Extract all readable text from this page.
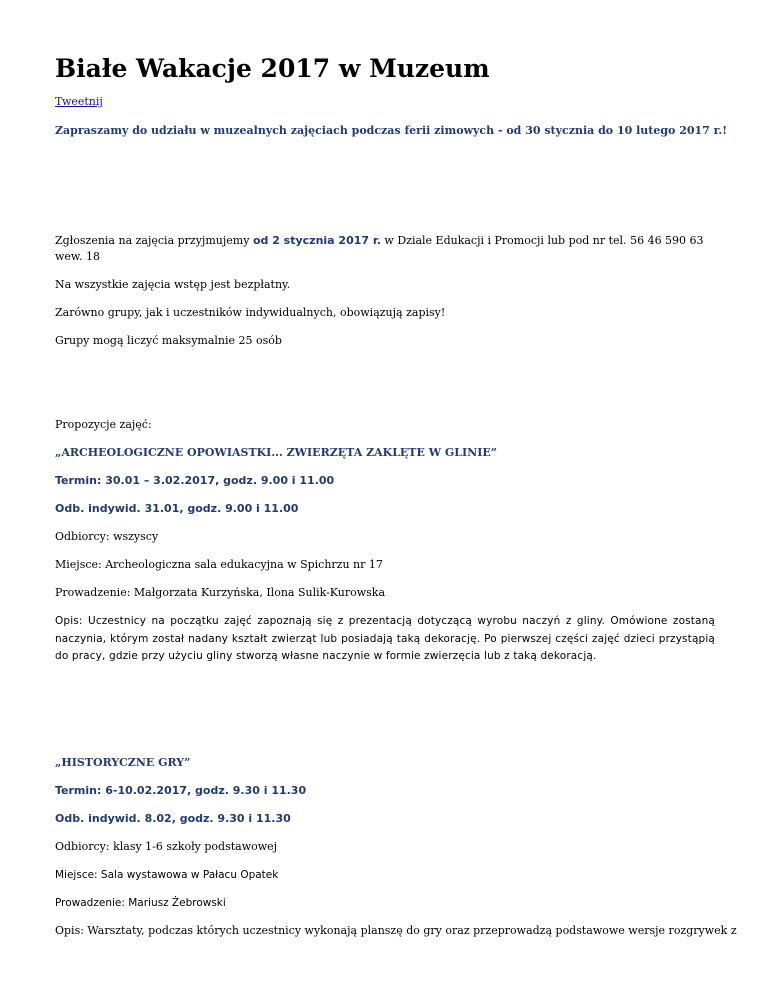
Białe Wakacje 2017 w Muzeum
Tweetnij

Zapraszamy do udziału w muzealnych zajęciach podczas ferii zimowych - od 30 stycznia do 10 lutego 2017 r.!

Zgłoszenia na zajęcia przyjmujemy od 2 stycznia 2017 r. w Dziale Edukacji i Promocji lub pod nr tel. 56 46 590 63 wew. 18

Na wszystkie zajęcia wstęp jest bezpłatny.

Zarówno grupy, jak i uczestników indywidualnych, obowiązują zapisy!

Grupy mogą liczyć maksymalnie 25 osób

Propozycje zajęć:

„ARCHEOLOGICZNE OPOWIASTKI... ZWIERZĘTA ZAKLĘTE W GLINIE”

Termin: 30.01 – 3.02.2017, godz. 9.00 i 11.00

Odb. indywid. 31.01, godz. 9.00 i 11.00

Odbiorcy: wszyscy

Miejsce: Archeologiczna sala edukacyjna w Spichrzu nr 17

Prowadzenie: Małgorzata Kurzyńska, Ilona Sulik-Kurowska

Opis: Uczestnicy na początku zajęć zapoznają się z prezentacją dotyczącą wyrobu naczyń z gliny. Omówione zostaną naczynia, którym został nadany kształt zwierząt lub posiadają taką dekorację. Po pierwszej części zajęć dzieci przystąpią do pracy, gdzie przy użyciu gliny stworzą własne naczynie w formie zwierzęcia lub z taką dekoracją.

„HISTORYCZNE GRY”

Termin: 6-10.02.2017, godz. 9.30 i 11.30

Odb. indywid. 8.02, godz. 9.30 i 11.30

Odbiorcy: klasy 1-6 szkoły podstawowej

Miejsce: Sala wystawowa w Pałacu Opatek

Prowadzenie: Mariusz Żebrowski

Opis: Warsztaty, podczas których uczestnicy wykonają planszę do gry oraz przeprowadzą podstawowe wersje rozgrywek z
